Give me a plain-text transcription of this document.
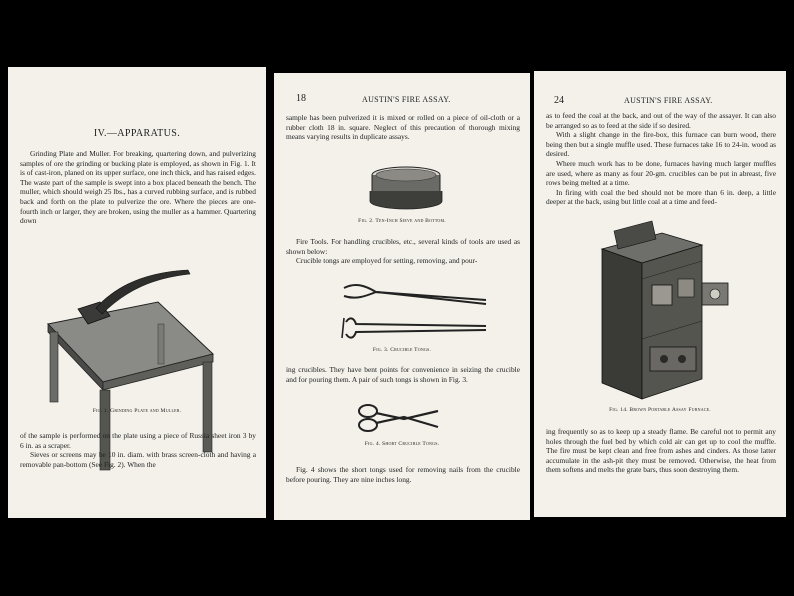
IV.—APPARATUS.

Grinding Plate and Muller. For breaking, quartering down, and pulverizing samples of ore the grinding or bucking plate is employed, as shown in Fig. 1. It is of cast-iron, planed on its upper surface, one inch thick, and has raised edges. The waste part of the sample is swept into a box placed beneath the bench. The muller, which should weigh 25 lbs., has a curved rubbing surface, and is rubbed back and forth on the plate to pulverize the ore. Where the pieces are one-fourth inch or larger, they are broken, using the muller as a hammer. Quartering down

Fig. 1. Grinding Plate and Muller.

of the sample is performed on the plate using a piece of Russia sheet iron 3 by 6 in. as a scraper.

Sieves or screens may be 10 in. diam. with brass screen-cloth and having a removable pan-bottom (See Fig. 2). When the

18	AUSTIN'S FIRE ASSAY.

sample has been pulverized it is mixed or rolled on a piece of oil-cloth or a rubber cloth 18 in. square. Neglect of this precaution of thorough mixing means varying results in duplicate assays.

Fig. 2. Ten-Inch Sieve and Bottom.

Fire Tools. For handling crucibles, etc., several kinds of tools are used as shown below:

Crucible tongs are employed for setting, removing, and pour-

Fig. 3. Crucible Tongs.

ing crucibles. They have bent points for convenience in seizing the crucible and for pouring them. A pair of such tongs is shown in Fig. 3.

Fig. 4. Short Crucible Tongs.

Fig. 4 shows the short tongs used for removing nails from the crucible before pouring. They are nine inches long.

24	AUSTIN'S FIRE ASSAY.

as to feed the coal at the back, and out of the way of the assayer. It can also be arranged so as to feed at the side if so desired.

With a slight change in the fire-box, this furnace can burn wood, there being then but a single muffle used. These furnaces take 16 to 24-in. wood as desired.

Where much work has to be done, furnaces having much larger muffles are used, where as many as four 20-gm. crucibles can be put in abreast, five rows being melted at a time.

In firing with coal the bed should not be more than 6 in. deep, a little deeper at the back, using but little coal at a time and feed-

Fig. 14. Brown Portable Assay Furnace.

ing frequently so as to keep up a steady flame. Be careful not to permit any holes through the fuel bed by which cold air can get up to cool the muffle. The fire must be kept clean and free from ashes and cinders. As those latter accumulate in the ash-pit they must be removed. Otherwise, the heat from them softens and melts the grate bars, thus soon destroying them.
